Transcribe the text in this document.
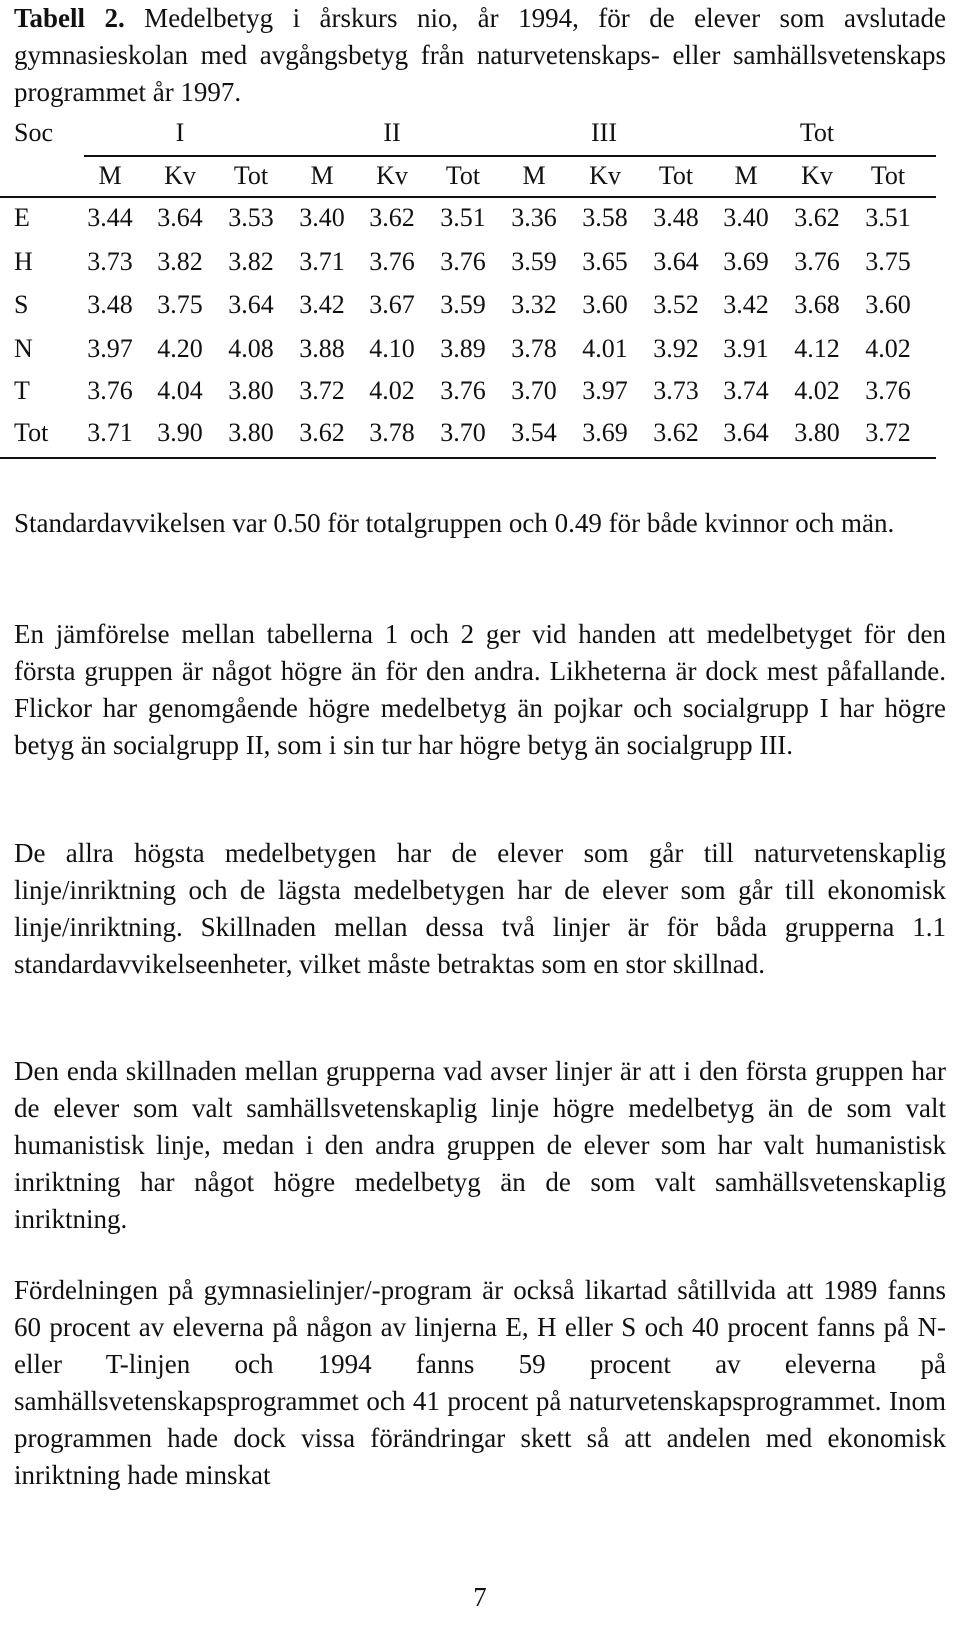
Tabell 2. Medelbetyg i årskurs nio, år 1994, för de elever som avslutade gymnasieskolan med avgångsbetyg från naturvetenskaps- eller samhällsvetenskaps programmet år 1997.
Soc	I	II	III	Tot
M Kv Tot M Kv Tot M Kv Tot M Kv Tot
E 3.44 3.64 3.53 3.40 3.62 3.51 3.36 3.58 3.48 3.40 3.62 3.51
H 3.73 3.82 3.82 3.71 3.76 3.76 3.59 3.65 3.64 3.69 3.76 3.75
S 3.48 3.75 3.64 3.42 3.67 3.59 3.32 3.60 3.52 3.42 3.68 3.60
N 3.97 4.20 4.08 3.88 4.10 3.89 3.78 4.01 3.92 3.91 4.12 4.02
T 3.76 4.04 3.80 3.72 4.02 3.76 3.70 3.97 3.73 3.74 4.02 3.76
Tot 3.71 3.90 3.80 3.62 3.78 3.70 3.54 3.69 3.62 3.64 3.80 3.72

Standardavvikelsen var 0.50 för totalgruppen och 0.49 för både kvinnor och män.

En jämförelse mellan tabellerna 1 och 2 ger vid handen att medelbetyget för den första gruppen är något högre än för den andra. Likheterna är dock mest påfallande. Flickor har genomgående högre medelbetyg än pojkar och socialgrupp I har högre betyg än socialgrupp II, som i sin tur har högre betyg än socialgrupp III.

De allra högsta medelbetygen har de elever som går till naturvetenskaplig linje/inriktning och de lägsta medelbetygen har de elever som går till ekonomisk linje/inriktning. Skillnaden mellan dessa två linjer är för båda grupperna 1.1 standardavvikelseenheter, vilket måste betraktas som en stor skillnad.

Den enda skillnaden mellan grupperna vad avser linjer är att i den första gruppen har de elever som valt samhällsvetenskaplig linje högre medelbetyg än de som valt humanistisk linje, medan i den andra gruppen de elever som har valt humanistisk inriktning har något högre medelbetyg än de som valt samhällsvetenskaplig inriktning.

Fördelningen på gymnasielinjer/-program är också likartad såtillvida att 1989 fanns 60 procent av eleverna på någon av linjerna E, H eller S och 40 procent fanns på N- eller T-linjen och 1994 fanns 59 procent av eleverna på samhällsvetenskapsprogrammet och 41 procent på naturvetenskapsprogrammet. Inom programmen hade dock vissa förändringar skett så att andelen med ekonomisk inriktning hade minskat

7
